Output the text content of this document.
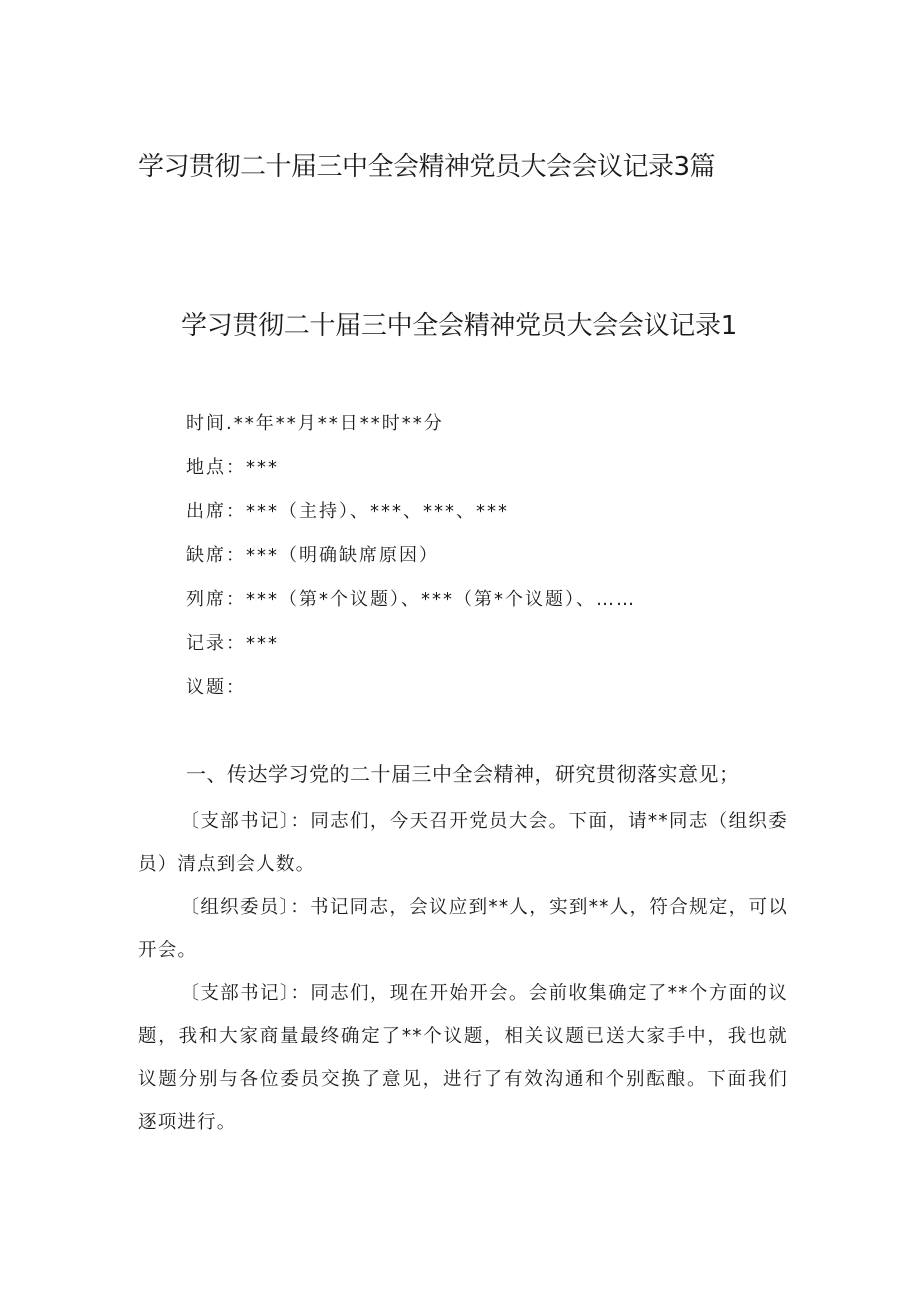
学习贯彻二十届三中全会精神党员大会会议记录3篇
学习贯彻二十届三中全会精神党员大会会议记录1
时间.**年**月**日**时**分
地点：***
出席：***（主持）、***、***、***
缺席：***（明确缺席原因）
列席：***（第*个议题）、***（第*个议题）、……
记录：***
议题：
一、传达学习党的二十届三中全会精神，研究贯彻落实意见；

〔支部书记〕：同志们，今天召开党员大会。下面，请**同志（组织委员）清点到会人数。

〔组织委员〕：书记同志，会议应到**人，实到**人，符合规定，可以开会。

〔支部书记〕：同志们，现在开始开会。会前收集确定了**个方面的议题，我和大家商量最终确定了**个议题，相关议题已送大家手中，我也就议题分别与各位委员交换了意见，进行了有效沟通和个别酝酿。下面我们逐项进行。
